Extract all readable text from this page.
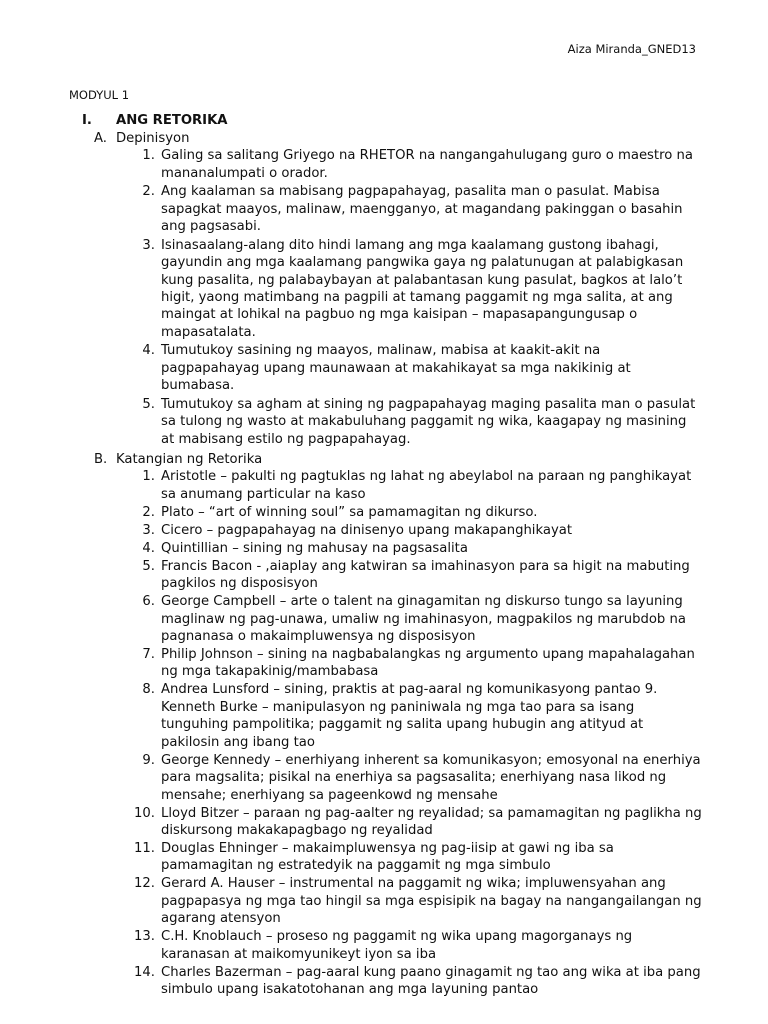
Aiza Miranda_GNED13
MODYUL 1
I. ANG RETORIKA
A. Depinisyon
1. Galing sa salitang Griyego na RHETOR na nangangahulugang guro o maestro na mananalumpati o orador.
2. Ang kaalaman sa mabisang pagpapahayag, pasalita man o pasulat. Mabisa sapagkat maayos, malinaw, maengganyo, at magandang pakinggan o basahin ang pagsasabi.
3. Isinasaalang-alang dito hindi lamang ang mga kaalamang gustong ibahagi, gayundin ang mga kaalamang pangwika gaya ng palatunugan at palabigkasan kung pasalita, ng palabaybayan at palabantasan kung pasulat, bagkos at lalo’t higit, yaong matimbang na pagpili at tamang paggamit ng mga salita, at ang maingat at lohikal na pagbuo ng mga kaisipan – mapasapangungusap o mapasatalata.
4. Tumutukoy sasining ng maayos, malinaw, mabisa at kaakit-akit na pagpapahayag upang maunawaan at makahikayat sa mga nakikinig at bumabasa.
5. Tumutukoy sa agham at sining ng pagpapahayag maging pasalita man o pasulat sa tulong ng wasto at makabuluhang paggamit ng wika, kaagapay ng masining at mabisang estilo ng pagpapahayag.
B. Katangian ng Retorika
1. Aristotle – pakulti ng pagtuklas ng lahat ng abeylabol na paraan ng panghikayat sa anumang particular na kaso
2. Plato – “art of winning soul” sa pamamagitan ng dikurso.
3. Cicero – pagpapahayag na dinisenyo upang makapanghikayat
4. Quintillian – sining ng mahusay na pagsasalita
5. Francis Bacon - ,aiaplay ang katwiran sa imahinasyon para sa higit na mabuting pagkilos ng disposisyon
6. George Campbell – arte o talent na ginagamitan ng diskurso tungo sa layuning maglinaw ng pag-unawa, umaliw ng imahinasyon, magpakilos ng marubdob na pagnanasa o makaimpluwensya ng disposisyon
7. Philip Johnson – sining na nagbabalangkas ng argumento upang mapahalagahan ng mga takapakinig/mambabasa
8. Andrea Lunsford – sining, praktis at pag-aaral ng komunikasyong pantao 9. Kenneth Burke – manipulasyon ng paniniwala ng mga tao para sa isang tunguhing pampolitika; paggamit ng salita upang hubugin ang atityud at pakilosin ang ibang tao
9. George Kennedy – enerhiyang inherent sa komunikasyon; emosyonal na enerhiya para magsalita; pisikal na enerhiya sa pagsasalita; enerhiyang nasa likod ng mensahe; enerhiyang sa pageenkowd ng mensahe
10. Lloyd Bitzer – paraan ng pag-aalter ng reyalidad; sa pamamagitan ng paglikha ng diskursong makakapagbago ng reyalidad
11. Douglas Ehninger – makaimpluwensya ng pag-iisip at gawi ng iba sa pamamagitan ng estratedyik na paggamit ng mga simbulo
12. Gerard A. Hauser – instrumental na paggamit ng wika; impluwensyahan ang pagpapasya ng mga tao hingil sa mga espisipik na bagay na nangangailangan ng agarang atensyon
13. C.H. Knoblauch – proseso ng paggamit ng wika upang magorganays ng karanasan at maikomyunikeyt iyon sa iba
14. Charles Bazerman – pag-aaral kung paano ginagamit ng tao ang wika at iba pang simbulo upang isakatotohanan ang mga layuning pantao
